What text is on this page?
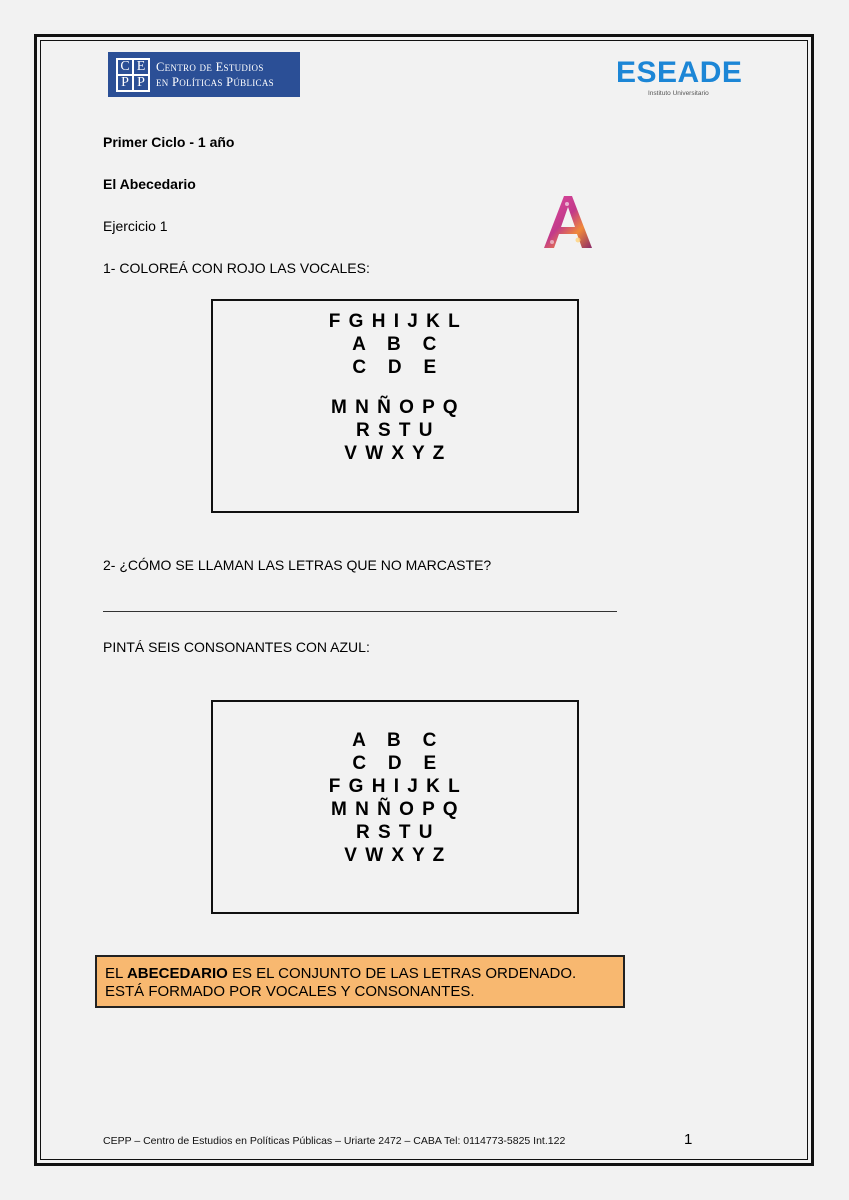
C E
P P
Centro de Estudios
en Políticas Públicas	ESEADE
Instituto Universitario
Primer Ciclo - 1 año
El Abecedario
Ejercicio 1
1- COLOREÁ CON ROJO LAS VOCALES:
F G H I J K L
A   B   C
C   D   E
M N Ñ O P Q
R S T U
V W X Y Z
2- ¿CÓMO SE LLAMAN LAS LETRAS QUE NO MARCASTE?
PINTÁ SEIS CONSONANTES CON AZUL:
A   B   C
C   D   E
F G H I J K L
M N Ñ O P Q
R S T U
V W X Y Z
EL ABECEDARIO ES EL CONJUNTO DE LAS LETRAS ORDENADO.
ESTÁ FORMADO POR VOCALES Y CONSONANTES.
CEPP – Centro de Estudios en Políticas Públicas – Uriarte 2472 – CABA Tel: 0114773-5825 Int.122	1
